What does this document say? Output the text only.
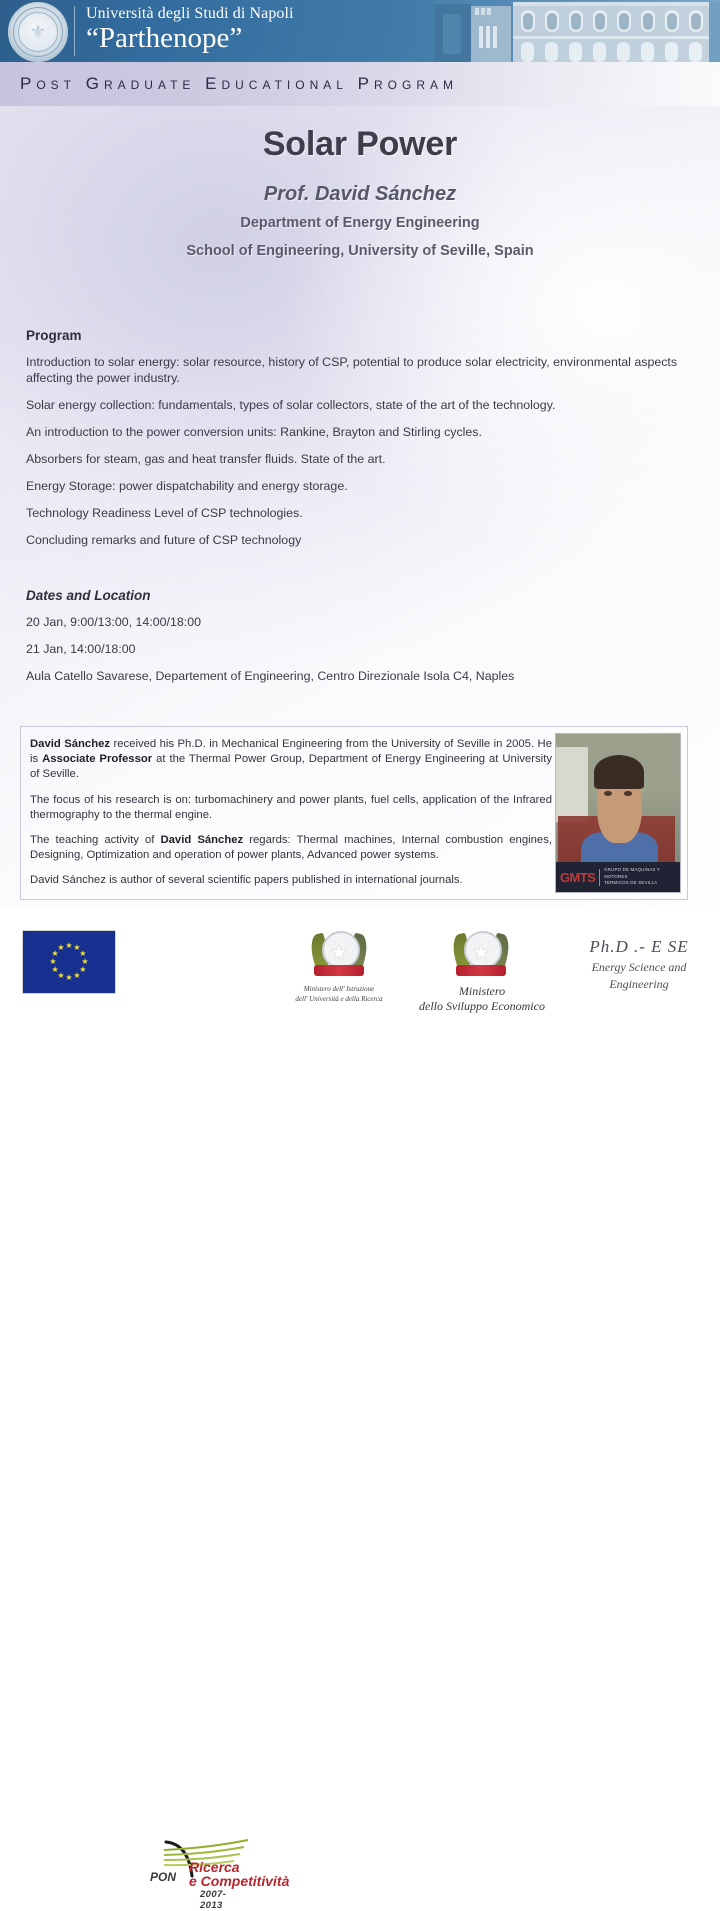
⚜
Università degli Studi di Napoli
“Parthenope”
Post Graduate Educational Program
Solar Power
Prof. David Sánchez
Department of Energy Engineering
School of Engineering, University of Seville, Spain
Program
Introduction to solar energy: solar resource, history of CSP, potential to produce solar electricity, environmental aspects affecting the power industry.
Solar energy collection: fundamentals, types of solar collectors, state of the art of the technology.
An introduction to the power conversion units: Rankine, Brayton and Stirling cycles.
Absorbers for steam, gas and heat transfer fluids. State of the art.
Energy Storage: power dispatchability and energy storage.
Technology Readiness Level of CSP technologies.
Concluding remarks and future of CSP technology
Dates and Location
20 Jan, 9:00/13:00, 14:00/18:00
21 Jan, 14:00/18:00
Aula Catello Savarese, Departement of Engineering, Centro Direzionale Isola C4, Naples
David Sánchez received his Ph.D. in Mechanical Engineering from the University of Seville in 2005. He is Associate Professor at the Thermal Power Group, Department of Energy Engineering at University of Seville.
The focus of his research is on: turbomachinery and power plants, fuel cells, application of the Infrared thermography to the thermal engine.
The teaching activity of David Sánchez regards: Thermal machines, Internal combustion engines, Designing, Optimization and operation of power plants, Advanced power systems.
David Sánchez is author of several scientific papers published in international journals.	GMTS GRUPO DE MAQUINAS Y MOTORES
TERMICOS DE SEVILLA
★ ★
★
★
★
★
★
★
★
★
★
★
PON
Ricerca
e Competitività
2007-2013
★
Ministero dell' Istruzione
dell' Università e della Ricerca
★
Ministero
dello Sviluppo Economico
Ph.D .- E SE
Energy Science and
Engineering
